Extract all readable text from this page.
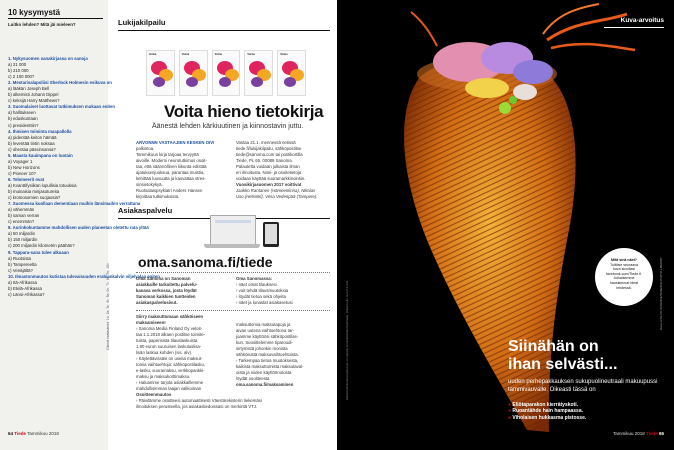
10 kysymystä
Luitko lehden? Mitä jäi mieleen?
1. Nykysuomen sanakirjassa on sanoja
a) 21 000
b) 210 000
c) 2 100 000?
2. Mestarisalapoliisi Sherlock Holmesin esikuva on
a) lääkäri Joseph Bell
b) alkemisti Johann Dippel
c) keksijä Harry Matthews?
3. Suomalaiset luottavat tutkimuksen mukaan eniten
a) hallitukseen
b) eduskuntaan
c) presidenttiin?
4. Ihmisen toiminta maapallolla
a) pidentää keiton hämää
b) leventää tintin noksaa
c) ohentaa pässinsarvia?
5. Maasta kauimpana on luotain
a) Voyager 1
b) New Horizons
c) Pioneer 10?
6. Telomeerit ovat
a) Kvanttifysiikan lopullisia totuuksia
b) muinaisia minjasotureita
c) kromosomien suojaosia?
7. Suomessa kuollaan dementiaan muihin länsimaihin verrattuna
a) vähemmän
b) saman verran
c) enemmän?
8. Aurinkokuntamme mahdollisen uuden planeetan oletettu rata yltää
a) 50 miljardin
b) 150 miljardin
c) 200 miljardin kilometrin päähän?
9. Tappara-sana tulee alkuaan
a) Ruotsista
b) Tampereelta
c) Venäjältä?
10. Ilmastonmuutos kutistaa tulevaisuuden erabiankalvin viljelyalaa eniten
a) Itä-Afrikassa
b) Etelä-Afrikassa
c) Länsi-Afrikassa?	Oikeat vastaukset: 1a, 2a, 3c, 4c, 5a, 6c, 7c, 8b, 9c, 10c
64 Tiede Tammikuu 2018
Lukijakilpailu
Voima	Voima	Voima	Voima	Voima
Voita hieno tietokirja
Äänestä lehden kärkiuutinen ja kiinnostavin juttu.
ARVONNN VASTAAJIEN KESKEN OIVI
palkintoa.
Tammikuun kirja tarjoaa tervyyttä
aivoille. Moderni neurotutkimus osoit-
taa, että säännöllinen liikunta edistää
ajatuksenjuoksua, parantaa muistia,
kehittää luovuutta ja kasvattaa stres-
sinsietokykyä.
Ruotsalaispsykiatri Anders Hansen
kirjoittaa tutkimuksista.
Vastaa 21.1. mennessä netissä
tiede.fi/lukijakilpailu, sähköpostitse
tiede@sanoma.com tai postikortilla
Tiede, PL 65, 00089 Sanoma.
Palautetta voidaan julkaista ilman
eri ilmoitusta. Nimi- ja osoitetietoja
voidaan käyttää suoramarkkinointiin.
Vuosikirjasuomen 2017 voittivat
Jaakko Rantanen (Hämeenlinna), Nikolas
Uso (Helsinki), Vesa Vedenpää (Tampere).
Asiakaspalvelu
oma.sanoma.fi/tiede
Oma Sanoma on Sanoman
asiakkaille tarkoitettu palvelu-
kanava verkossa, josta löydät
Sanoman kaikkien tuotteiden
asiakaspalvelusivut.
Oma Sanomassa:
› näet omat tilauksesi
› voit tehdä tilausmuutoksia
› löydät tietoa sekä ohjeita
› näet ja lunastat asiakasetusi
Siirry maksuttomaan sähköiseen maksamiseen!
› Sanoma Media Finland Oy veloit-
taa 1.1.2018 alkaen postitse toimite-
tuista, paperisista tilauslaskuista
1,90 euron suuruisen laskutuslisa-
lisän laskua kohden (sis. alv).
› Käytettävissäsi on useita maksut-
tomia vaihtoehtoja: sähköpostilasku,
e-lasku, suoramaksu, verkkopankki-
maksu ja maksukorttimaksu.
› Haluamme tarjota asiakkaillemme
mahdollisimman laajan valikoiman
maksuttomia maksutapoja ja
aivan uutena vaihtoehtona tar-
joamme käyttöösi sähköpostilas-
kun. Suosittelemme tiparoudi-
sirtymistä johonkin monista
sähköisistä maksuvaihtoehtoista.
› Tarkempaa tietoa muutoksesta,
kaikista maksuttomista maksutaval-
oista ja niiden käyttöönotosta
löydät osoitteesta
oma.sanoma.fi/maksaminen
Osoitteenmuutos
› Päivitämme osoitteesi automaattisesti Väestörekisterin tiekemäsi
ilmoituksen perusteella, jos asiakastiedoissasi on merkintä VTJ.
Kuva-arvoitus
Mitä sinä näet?
Tulkitse seuraava
kuva sivuillasi
facebook.com/Tiede.fi.
Julkaisemme
hauskimmat ideat
lehdessä.	Kuva: EYE OF SCIENCE/SCIENCE PHOTO LIBRARY
Elektronimikroskooppikuvaa on värjätty kuvankäsittelyohjelmalla. Oikea koko noin 0,2 mm.	Siinähän on
ihan selvästi...
uuden perhepakkauksen sukupuolineutraali makuupussi tammivauvalle. Oikeasti tässä on
● Eliötaparakon kierrätyskoti.
● Ruoantähde hain hampaassa.
● Viholaisen hukkasma pistosse.
Tammikuu 2018 Tiede 65
